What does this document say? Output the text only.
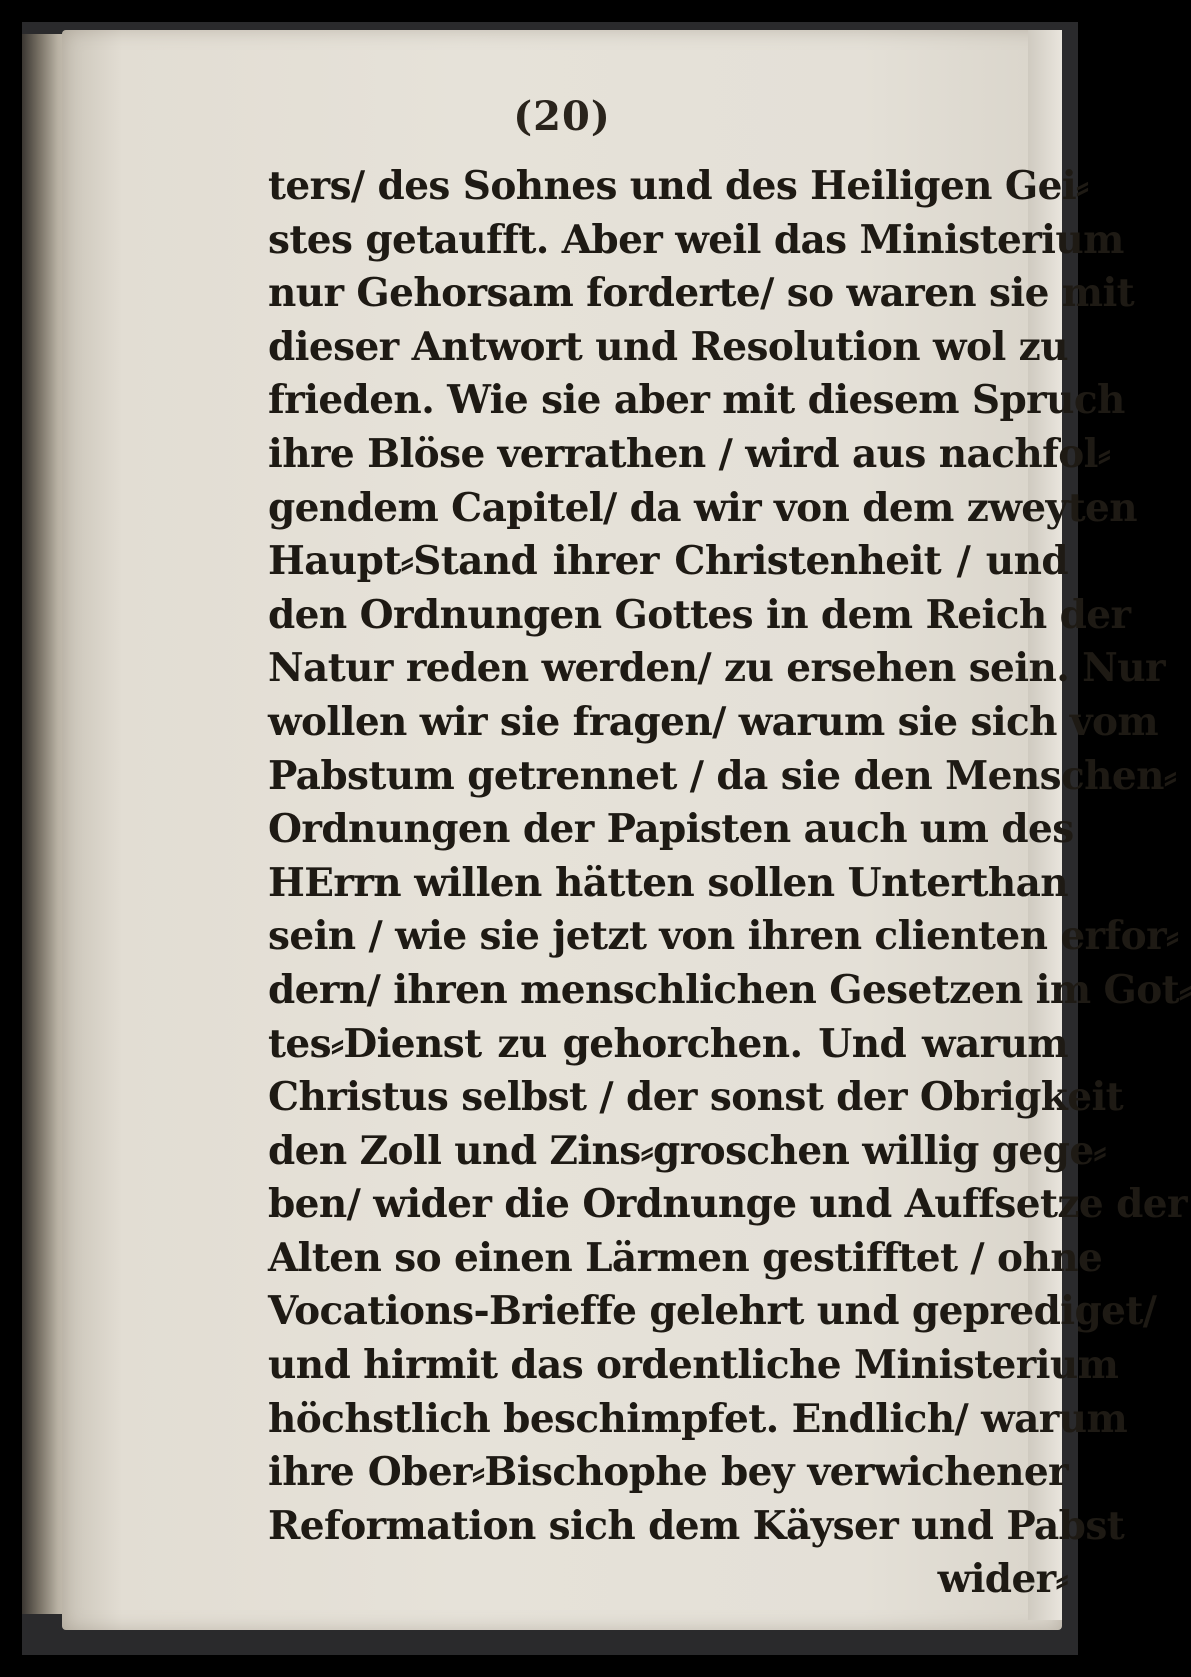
(20)
ters/ des Sohnes und des Heiligen Gei⸗
stes getaufft. Aber weil das Ministerium
nur Gehorsam forderte/ so waren sie mit
dieser Antwort und Resolution wol zu
frieden. Wie sie aber mit diesem Spruch
ihre Blöse verrathen / wird aus nachfol⸗
gendem Capitel/ da wir von dem zweyten
Haupt⸗Stand ihrer Christenheit / und
den Ordnungen Gottes in dem Reich der
Natur reden werden/ zu ersehen sein. Nur
wollen wir sie fragen/ warum sie sich vom
Pabstum getrennet / da sie den Menschen⸗
Ordnungen der Papisten auch um des
HErrn willen hätten sollen Unterthan
sein / wie sie jetzt von ihren clienten erfor⸗
dern/ ihren menschlichen Gesetzen im Got⸗
tes⸗Dienst zu gehorchen. Und warum
Christus selbst / der sonst der Obrigkeit
den Zoll und Zins⸗groschen willig gege⸗
ben/ wider die Ordnunge und Auffsetze der
Alten so einen Lärmen gestifftet / ohne
Vocations-Brieffe gelehrt und geprediget/
und hirmit das ordentliche Ministerium
höchstlich beschimpfet. Endlich/ warum
ihre Ober⸗Bischophe bey verwichener
Reformation sich dem Käyser und Pabst
wider⸗
